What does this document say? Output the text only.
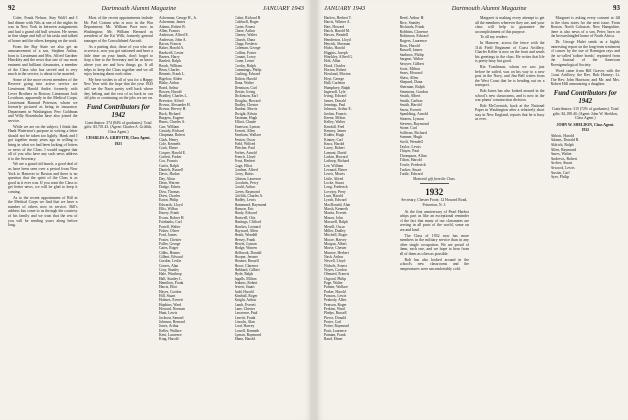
92	Dartmouth Alumni Magazine	JANUARY 1943

Coler, Frank Nelson, Stay Wolff and I had dinner with Nils at one of the nights he was in New York in between assignments and had a grand old bull session. He seems in fine shape and full of his tasks and talked of home and the others keeping on the work.

From the Bay State we also get an announcement of a son, Stephen Arthur, born to Lieutenant and Mrs. Alfred Gardner Hinckley and the news that one of our most eminent and brilliant classmates, a member of the Class who has served and is very much in the service, is about to be married.

Some of the more recent members of the Reserve going into active service are Lieutenant Harold Andre, formerly with Lever Brothers in Boston; Lieutenant Jack Lowthorn, apparently in the Medical Corps; Lieutenant Barnard Peterson, whom we formerly pictured as being in insurance; Department in Washington; Perc Goldman and Willy Rosenholm have also joined the service.

While we are on the subject, I think that Hank Waterston's purpose in writing a letter should not be taken too lightly. Hank and I got together many years ago in willing to bring in what we had been lacking of letters or news of the Class. I would suggest that all of you who have any such news address it to the Secretary.

We are a grand old bunch, a good deal of us have been seen over a period from New York to Hanover to Boston and there is no question that the spirit of the Class is as good as it ever was. If you want the Class to get better news, we will be glad to keep it coming.

As to the recent appointment of Bill in the Medical Corps we find that we have a number of others now in service. Bill's address has come to us through the courtesy of his family and we trust that the rest of you will be sending yours along before long.

Most of the recent appointments include Mr. Parl Cottam who is now in the War Department; Mr. William Pace now in Washington; Mr. William Bernard as president of the Kit Wilk; formerly general manager of the Consolidated Aircraft.

As a parting shot, those of you who are in service, now you get stationed and have a little time on your hands, don't forget to drop a line to the Secretary and let us know where you are and how things go. It all helps to keep the Class together and we all enjoy hearing about each other.

My best wishes to all of you for a Happy New Year with the hope that the year 1943 will see the Nazis pretty well back where they belong and the rest of us back in our old jobs or continuing on the jobs we are on.

Fund Contributors for 1942
Contributors: 374 (84% of graduates). Total gifts: $3,701.43. (Agent: Charles A. Griffith, Class Agent.)
CHARLES A. GRIFFITH, Class Agent.
1921
Ackerman, George H., Jr.
Ackerman, James
Adams, Robert B.
Allen, Francis
Anderson, Alfred E.
Anderson, John A.
Bacon, Francis
Baker, Harold A.
Bardwell, Lester
Barnes, Harry
Bartlett, Ralph
Beach, William
Bean, Charles
Bennett, Frank L.
Bigelow, Alden
Blake, Arthur
Bond, Arthur
Bowen, Harold
Bradley, Charles L.
Brewster, Alfred
Brown, Alexander H.
Brown, Hervey H.
Buck, Richard
Burgess, Eugene
Burns, Charles A.
Carr, William
Cassidy, Richard
Chapman, Robert
Clark, Henry
Cole, Kenneth
Cook, Elmer
Cooper, Harold E.
Corbett, Parker
Cox, Francis
Curtis, Ralph
Daniels, Russell
Davis, Harlan
Day, Alton
Dean, Warren
Dodge, Edwin
Dow, Thomas
Drew, Charles
Eaton, Philip
Edwards, Lloyd
Ellis, Wilbur
Emery, Frank
Evans, Robert H.
Fairbanks, Carl
Farrell, Walter
Fisher, Oliver
Ford, James
Foster, Chester
Fuller, George
Gates, Roger
Gibbs, Homer
Gilbert, Edward
Gordon, Leslie
Graves, Alan
Gray, Stanley
Hale, Winthrop
Hall, Stanley L.
Hamilton, Frank
Harris, Eliot
Hayes, Gordon
Hill, Stuart
Holmes, Everett
Hopkins, Ward
Howard, Norman
Hunt, Lewis
Jackson, Samuel
Johnson, Bernard
Jones, Arthur
Keller, Wallace
Kent, Laurence
King, Harold
Cabot, Richard B.
Caldwell, Roger
Carter, Ernest
Chase, Arthur
Cheney, Walter
Church, Dana
Clapp, Frederic
Coleman, George
Collins, Foster
Conant, Leroy
Crane, Lester
Crosby, Ralph
Cummings, Philip
Cushing, Edward
Dalton, Harold
Dana, Walter
Dennison, Carl
Dexter, Irving
Dickinson, Earl
Douglas, Howard
Dudley, Chester
Dunbar, Morris
Dwight, Edwin
Eastman, Hugh
Elliott, Claude
Emerson, Lyman
Everett, Allen
Farnham, Wallace
Fenton, Oscar
Field, Wilfred
Fletcher, Paul
Forbes, Arnold
French, Lloyd
Frost, Herbert
Gage, Elliot
Gardner, Alfred
Gerry, Rufus
Gilman, Laurence
Goodwin, Percy
Gould, Arthur
Green, Raymond
Griffith, Charles A.
Hadley, Lewis
Hammond, Raymond
Hanson, Eric
Hardy, Edward
Hartwell, Otis
Hastings, Clifford
Hawkes, Leonard
Hayward, Allen
Heath, Wendell
Hersey, Frank
Hewitt, Lyman
Hodge, Warren
Holbrook, Donald
Hooper, Jerome
Hosmer, Russell
Howe, Clarence
Hubbard, Gilbert
Hyde, Ralph
Ingalls, Milton
Jenkins, Robert
Jewett, Stuart
Judd, Harold
Kimball, Roger
Knight, Arthur
Lamb, Everett
Lane, Chester
Lawrence, Paul
Leavitt, Frank
Lincoln, Alan
Lord, Harvey
Lowell, Kenneth
Lyman, Raymond
Mann, Harold
JANUARY 1943	Dartmouth Alumni Magazine	93
Harlow, Herbert T.
Harris, Wilmer A.
Hart, Howard
Hatch, Harold M.
Hawes, Wendell
Henderson, Lloyd
Herrick, Sherman
Hicks, Harold
Higgins, Joseph
Hinckley, Alfred G.
Holt, Allan
Hood, Charles
Horton, Robert
Howland, Morton
Hoyt, George
Hull, Carleton
Humphrey, Ralph
Ingersoll, Lyle
Irving, Edward
James, Donald
Jennings, Paul
Johnson, Arthur E.
Jordan, Francis
Keene, Milton
Kelley, Walter
Kendall, Fred
Kenney, James
Kidder, Hugh
Kinney, Carl
Knox, Harold
Lacey, Robert
Lamont, David
Larkin, Howard
Lathrop, Richard
Lee, William
Leonard, Elmer
Lewis, Morris
Little, Alfred
Locke, Stuart
Long, Frederick
Lovejoy, Perry
Lunt, Harold
Lynch, Edward
MacDonald, Alan
Marsh, Kenneth
Martin, Everett
Mason, John
Maxwell, Ralph
Merrill, Oscar
Miller, Dudley
Mitchell, Roger
Moore, Harvey
Morgan, Albert
Morse, Chester
Munroe, Herbert
Nash, Arthur
Newell, Lloyd
Nichols, Ernest
Noyes, Gordon
Olmsted, Francis
Osgood, Philip
Page, Walter
Palmer, Wallace
Parker, Harold
Parsons, Lewis
Peabody, Allen
Pearson, Roger
Perkins, Ward
Phelps, Russell
Pierce, Donald
Porter, Carl
Potter, Raymond
Pratt, Laurence
Putnam, Frank
Rand, Elmer
Reed, Arthur H.
Rice, Stanley
Richards, Frank
Robbins, Clarence
Robinson, Edward
Rogers, Laurence
Ross, Harold
Russell, James
Sanborn, Philip
Sargent, Walter
Sawyer, Gilbert
Scott, Milton
Sears, Howard
Shaw, Allen
Shepard, Dana
Sherman, Ralph
Simmons, Gordon
Smith, Albert
Smith, Carlton
Smith, Harold
Snow, Everett
Spaulding, Arnold
Stearns, Lyman
Stevens, Raymond
Stone, Carl
Sullivan, Richard
Sumner, Hugh
Swift, Wendell
Taylor, Lewis
Thayer, Paul
Thompson, Allan
Tilton, Harold
Towle, Frederick
Tucker, Stuart
Tuttle, Edward
Memorial gift from the Class.
1932
Secretary, Chester Foote, 12 Howard Road, Princeton, N. J.

At the first anniversary of Pearl Harbor whips part as like an exceptional reminder of the fact that many of our classmates are serving in all parts of the world, some on sea and land.

The Class of 1932 now has more members in the military service than in any other single occupation. We are proud of them, each one, and we hope to hear from all of them as often as possible.

Bob has also looked around in the school's new classrooms and the temperatures were uncomfortably cold.

Margaret is making every attempt to get all the members wherever they are, and your class will help to guarantee the accomplishment of this purpose.

To all my readers:

In Hanover, across the fence with the 11th Field Regiment of Coast Artillery, Charles Keller is now on the front and sends his greetings to the class. He writes that life is pretty busy but good.

Rix Tomlinson, whom we saw just before he sailed, was on his way to a new post in the Navy, and Jim Bell writes from the West Coast that he is heading out on a transport.

Bob Jones has also looked around in the school's new classrooms, and is now in the war plants' construction division.

Bob McCormick, back at the National Paper in Washington after a relatively short stay in New England, reports that he is busy as ever.

Margaret is asking every consent to fill in the class notes for the next issue. From Boston, North Cohasset, New Hampshire, there is also news of a son, Peter, born on the brownshingled home of North Africa.

Dr. George Hulet sends us a highly interesting report on the long-term treatment of cancer by the use of Roentgen rays and the so-called 'iodine bomb,' reprinted from the Journal of the American Roentgenological Society.

Word came from Bill Graves with the Coast Artillery; the Rev. Bob Harney; Lt. The Rev. John Harrison; and Mr. and Mrs. Robert Hill announcing a daughter.

Fund Contributors for 1942
Contributors: 315 (72% of graduates). Total gifts: $2,188.40. (Agent: John W. Sheldon, Class Agent.)
JOHN W. SHELDON, Class Agent.
1932
Abbott, Harold
Adams, Donald R.
Aldrich, Ralph
Allen, Raymond
Ames, Walter
Andrews, Robert
Archer, Stuart
Atwood, Lewis
Austin, Carl
Ayer, Philip
